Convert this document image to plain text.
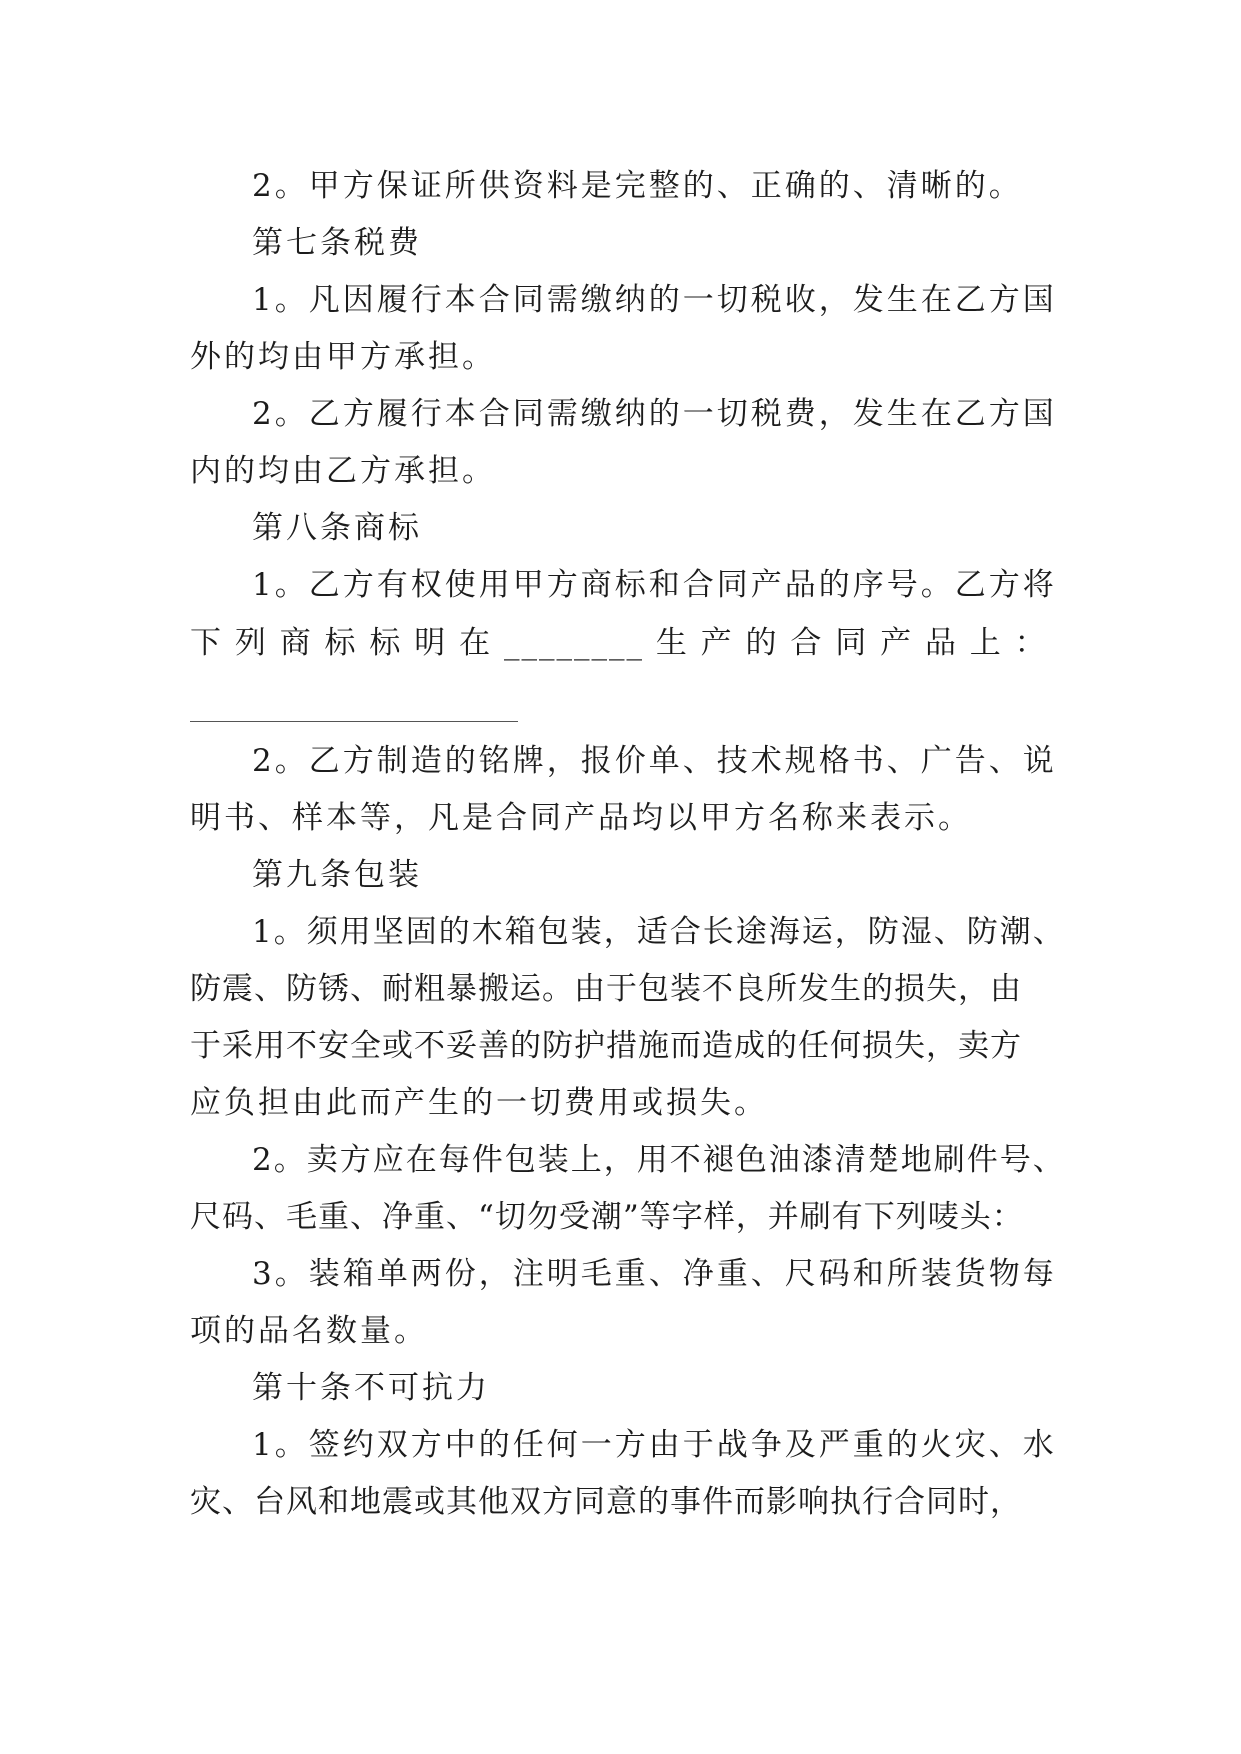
2。甲方保证所供资料是完整的、正确的、清晰的。
第七条税费
1。凡因履行本合同需缴纳的一切税收，发生在乙方国
外的均由甲方承担。
2。乙方履行本合同需缴纳的一切税费，发生在乙方国
内的均由乙方承担。
第八条商标
1。乙方有权使用甲方商标和合同产品的序号。乙方将
下 列 商 标 标 明 在 ________ 生 产 的 合 同 产 品 上 ：
2。乙方制造的铭牌，报价单、技术规格书、广告、说
明书、样本等，凡是合同产品均以甲方名称来表示。
第九条包装
1。须用坚固的木箱包装，适合长途海运，防湿、防潮、
防震、防锈、耐粗暴搬运。由于包装不良所发生的损失，由
于采用不安全或不妥善的防护措施而造成的任何损失，卖方
应负担由此而产生的一切费用或损失。
2。卖方应在每件包装上，用不褪色油漆清楚地刷件号、
尺码、毛重、净重、“切勿受潮”等字样，并刷有下列唛头：
3。装箱单两份，注明毛重、净重、尺码和所装货物每
项的品名数量。
第十条不可抗力
1。签约双方中的任何一方由于战争及严重的火灾、水
灾、台风和地震或其他双方同意的事件而影响执行合同时，
